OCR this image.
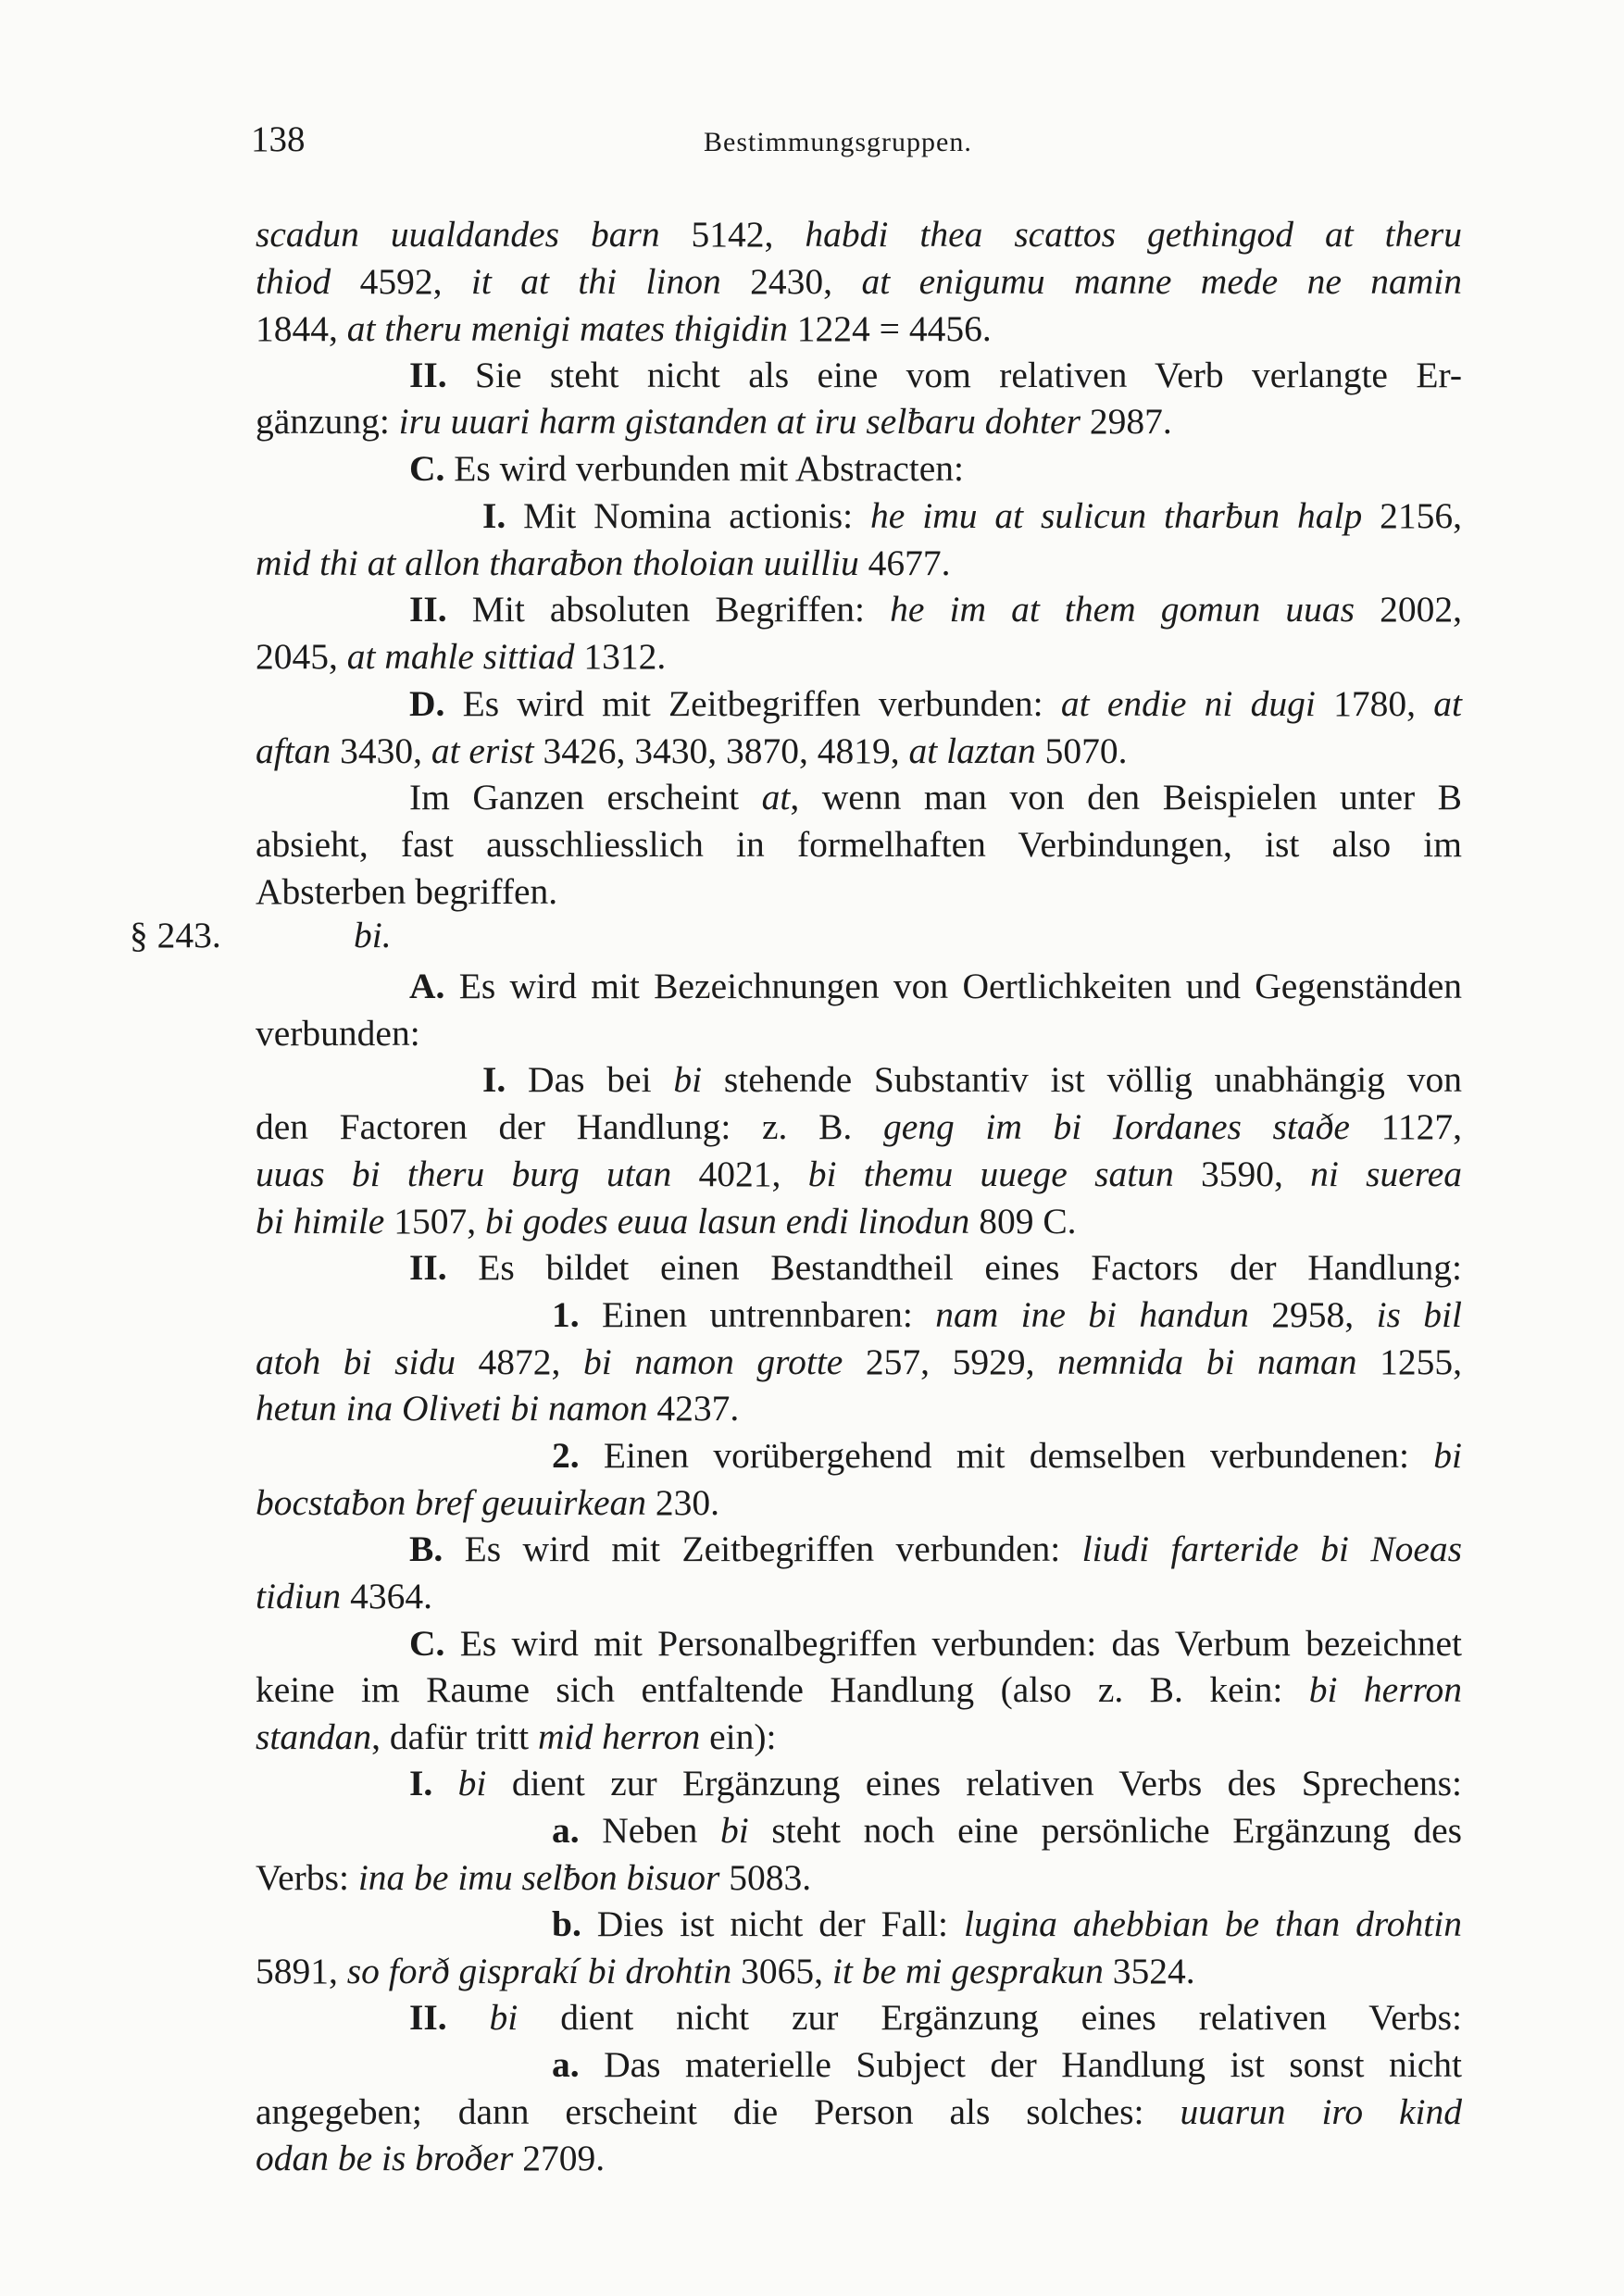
138	Bestimmungsgruppen.
§ 243.	bi.
scadun uualdandes barn 5142, habdi thea scattos gethingod at theru
thiod 4592, it at thi linon 2430, at enigumu manne mede ne namin
1844, at theru menigi mates thigidin 1224 = 4456.
II. Sie steht nicht als eine vom relativen Verb verlangte Er-
gänzung: iru uuari harm gistanden at iru selƀaru dohter 2987.
C. Es wird verbunden mit Abstracten:
I. Mit Nomina actionis: he imu at sulicun tharƀun halp 2156,
mid thi at allon tharaƀon tholoian uuilliu 4677.
II. Mit absoluten Begriffen: he im at them gomun uuas 2002,
2045, at mahle sittiad 1312.
D. Es wird mit Zeitbegriffen verbunden: at endie ni dugi 1780, at
aftan 3430, at erist 3426, 3430, 3870, 4819, at laztan 5070.
Im Ganzen erscheint at, wenn man von den Beispielen unter B
absieht, fast ausschliesslich in formelhaften Verbindungen, ist also im
Absterben begriffen.
A. Es wird mit Bezeichnungen von Oertlichkeiten und Gegenständen
verbunden:
I. Das bei bi stehende Substantiv ist völlig unabhängig von
den Factoren der Handlung: z. B. geng im bi Iordanes staðe 1127,
uuas bi theru burg utan 4021, bi themu uuege satun 3590, ni suerea
bi himile 1507, bi godes euua lasun endi linodun 809 C.
II. Es bildet einen Bestandtheil eines Factors der Handlung:
1. Einen untrennbaren: nam ine bi handun 2958, is bil
atoh bi sidu 4872, bi namon grotte 257, 5929, nemnida bi naman 1255,
hetun ina Oliveti bi namon 4237.
2. Einen vorübergehend mit demselben verbundenen: bi
bocstaƀon bref geuuirkean 230.
B. Es wird mit Zeitbegriffen verbunden: liudi farteride bi Noeas
tidiun 4364.
C. Es wird mit Personalbegriffen verbunden: das Verbum bezeichnet
keine im Raume sich entfaltende Handlung (also z. B. kein: bi herron
standan, dafür tritt mid herron ein):
I. bi dient zur Ergänzung eines relativen Verbs des Sprechens:
a. Neben bi steht noch eine persönliche Ergänzung des
Verbs: ina be imu selƀon bisuor 5083.
b. Dies ist nicht der Fall: lugina ahebbian be than drohtin
5891, so forð gisprakí bi drohtin 3065, it be mi gesprakun 3524.
II. bi dient nicht zur Ergänzung eines relativen Verbs:
a. Das materielle Subject der Handlung ist sonst nicht
angegeben; dann erscheint die Person als solches: uuarun iro kind
odan be is broðer 2709.
